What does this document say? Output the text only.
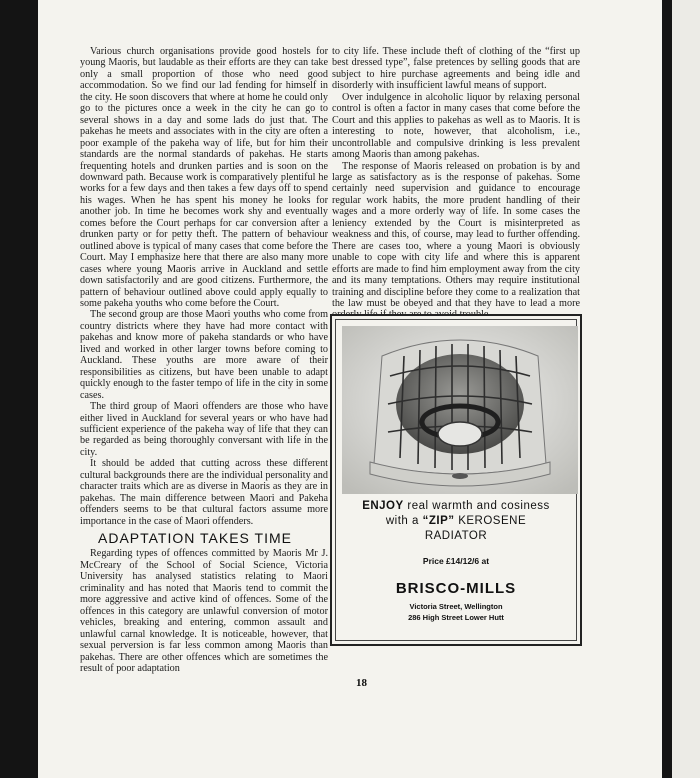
Various church organisations provide good hostels for young Maoris, but laudable as their efforts are they can take only a small proportion of those who need good accommodation. So we find our lad fending for himself in the city. He soon discovers that where at home he could only go to the pictures once a week in the city he can go to several shows in a day and some lads do just that. The pakehas he meets and associates with in the city are often a poor example of the pakeha way of life, but for him their standards are the normal standards of pakehas. He starts frequenting hotels and drunken parties and is soon on the downward path. Because work is comparatively plentiful he works for a few days and then takes a few days off to spend his wages. When he has spent his money he looks for another job. In time he becomes work shy and eventually comes before the Court perhaps for car conversion after a drunken party or for petty theft. The pattern of behaviour outlined above is typical of many cases that come before the Court. May I emphasize here that there are also many more cases where young Maoris arrive in Auckland and settle down satisfactorily and are good citizens. Furthermore, the pattern of behaviour outlined above could apply equally to some pakeha youths who come before the Court.

The second group are those Maori youths who come from country districts where they have had more contact with pakehas and know more of pakeha standards or who have lived and worked in other larger towns before coming to Auckland. These youths are more aware of their responsibilities as citizens, but have been unable to adapt quickly enough to the faster tempo of life in the city in some cases.

The third group of Maori offenders are those who have either lived in Auckland for several years or who have had sufficient experience of the pakeha way of life that they can be regarded as being thoroughly conversant with life in the city.

It should be added that cutting across these different cultural backgrounds there are the individual personality and character traits which are as diverse in Maoris as they are in pakehas. The main difference between Maori and Pakeha offenders seems to be that cultural factors assume more importance in the case of Maori offenders.

ADAPTATION TAKES TIME

Regarding types of offences committed by Maoris Mr J. McCreary of the School of Social Science, Victoria University has analysed statistics relating to Maori criminality and has noted that Maoris tend to commit the more aggressive and active kind of offences. Some of the offences in this category are unlawful conversion of motor vehicles, breaking and entering, common assault and unlawful carnal knowledge. It is noticeable, however, that sexual perversion is far less common among Maoris than pakehas. There are other offences which are sometimes the result of poor adaptation

to city life. These include theft of clothing of the “first up best dressed type”, false pretences by selling goods that are subject to hire purchase agreements and being idle and disorderly with insufficient lawful means of support.

Over indulgence in alcoholic liquor by relaxing personal control is often a factor in many cases that come before the Court and this applies to pakehas as well as to Maoris. It is interesting to note, however, that alcoholism, i.e., uncontrollable and compulsive drinking is less prevalent among Maoris than among pakehas.

The response of Maoris released on probation is by and large as satisfactory as is the response of pakehas. Some certainly need supervision and guidance to encourage regular work habits, the more prudent handling of their wages and a more orderly way of life. In some cases the leniency extended by the Court is misinterpreted as weakness and this, of course, may lead to further offending. There are cases too, where a young Maori is obviously unable to cope with city life and where this is apparent efforts are made to find him employment away from the city and its many temptations. Others may require institutional training and discipline before they come to a realization that the law must be obeyed and that they have to lead a more

ENJOY real warmth and cosiness
with a “ZIP” KEROSENE
RADIATOR
Price £14/12/6 at
BRISCO-MILLS
Victoria Street, Wellington
286 High Street Lower Hutt
18
